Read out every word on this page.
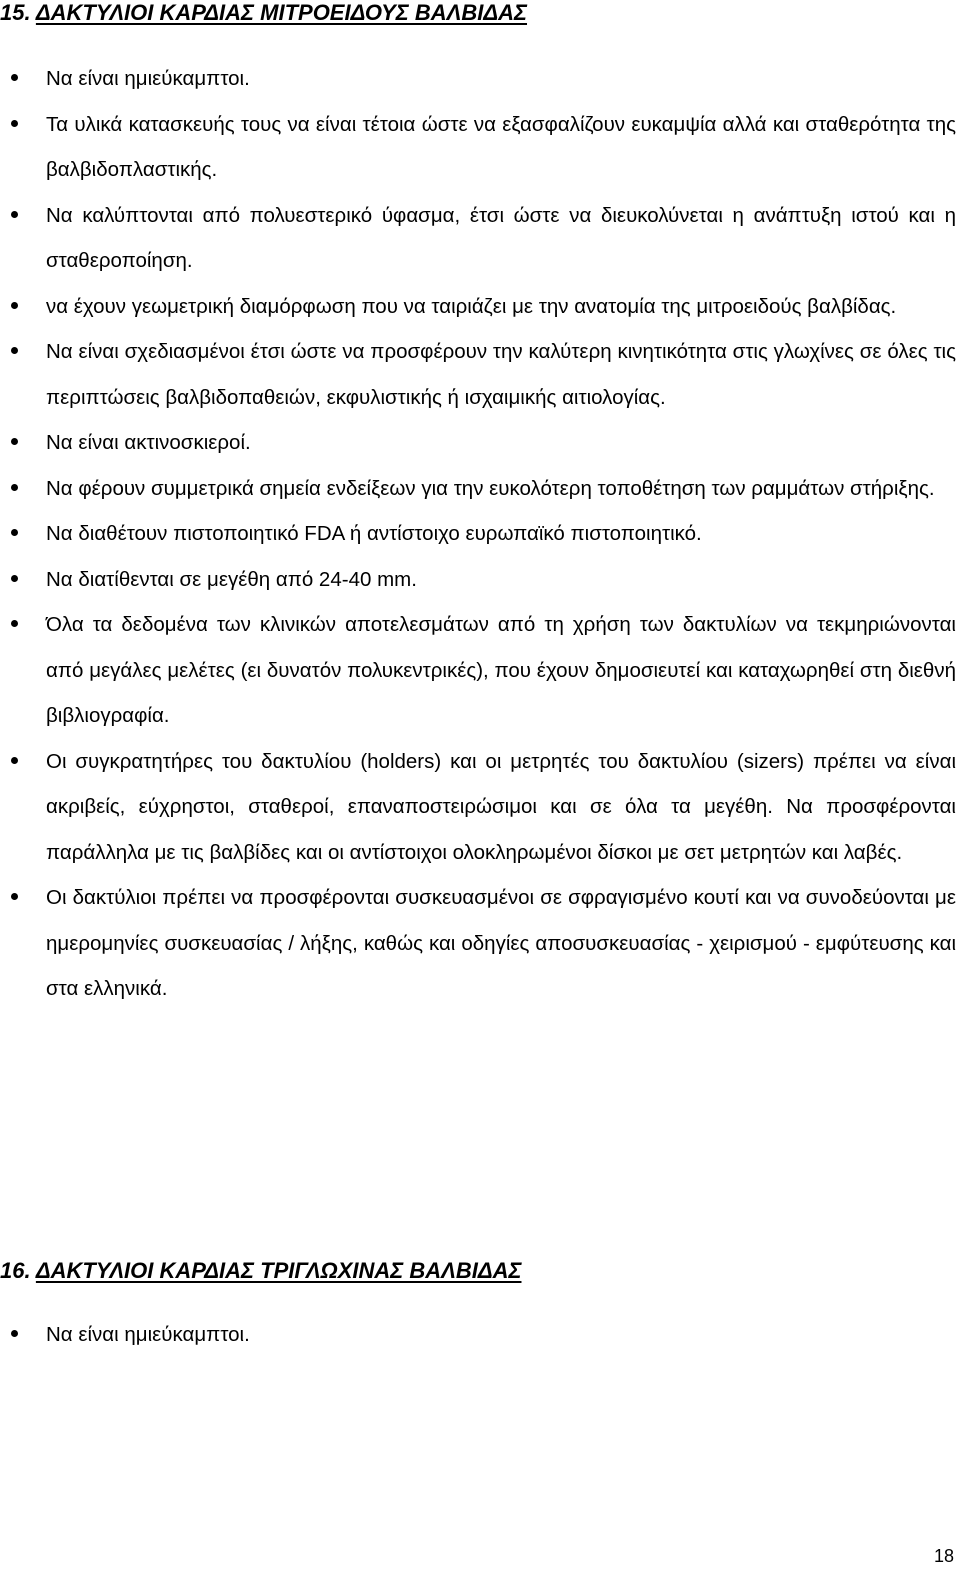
15. ΔΑΚΤΥΛΙΟΙ ΚΑΡΔΙΑΣ ΜΙΤΡΟΕΙΔΟΥΣ ΒΑΛΒΙΔΑΣ
Να είναι ημιεύκαμπτοι.
Τα υλικά κατασκευής τους να είναι τέτοια ώστε να εξασφαλίζουν ευκαμψία αλλά και σταθερότητα της βαλβιδοπλαστικής.
Να καλύπτονται από πολυεστερικό ύφασμα, έτσι ώστε να διευκολύνεται η ανάπτυξη ιστού και η σταθεροποίηση.
να έχουν γεωμετρική διαμόρφωση που να ταιριάζει με την ανατομία της μιτροειδούς βαλβίδας.
Να είναι σχεδιασμένοι έτσι ώστε να προσφέρουν την καλύτερη κινητικότητα στις γλωχίνες σε όλες τις περιπτώσεις βαλβιδοπαθειών, εκφυλιστικής ή ισχαιμικής αιτιολογίας.
Να είναι ακτινοσκιεροί.
Να φέρουν συμμετρικά σημεία ενδείξεων για την ευκολότερη τοποθέτηση των ραμμάτων στήριξης.
Να διαθέτουν πιστοποιητικό FDA ή αντίστοιχο ευρωπαϊκό πιστοποιητικό.
Να διατίθενται σε μεγέθη από 24-40 mm.
Όλα τα δεδομένα των κλινικών αποτελεσμάτων από τη χρήση των δακτυλίων να τεκμηριώνονται από μεγάλες μελέτες (ει δυνατόν πολυκεντρικές), που έχουν δημοσιευτεί και καταχωρηθεί στη διεθνή βιβλιογραφία.
Οι συγκρατητήρες του δακτυλίου (holders) και οι μετρητές του δακτυλίου (sizers) πρέπει να είναι ακριβείς, εύχρηστοι, σταθεροί, επαναποστειρώσιμοι και σε όλα τα μεγέθη. Να προσφέρονται παράλληλα με τις βαλβίδες και οι αντίστοιχοι ολοκληρωμένοι δίσκοι με σετ μετρητών και λαβές.
Οι δακτύλιοι πρέπει να προσφέρονται συσκευασμένοι σε σφραγισμένο κουτί και να συνοδεύονται με ημερομηνίες συσκευασίας / λήξης, καθώς και οδηγίες αποσυσκευασίας - χειρισμού - εμφύτευσης και στα ελληνικά.
16. ΔΑΚΤΥΛΙΟΙ ΚΑΡΔΙΑΣ ΤΡΙΓΛΩΧΙΝΑΣ ΒΑΛΒΙΔΑΣ
Να είναι ημιεύκαμπτοι.
18
